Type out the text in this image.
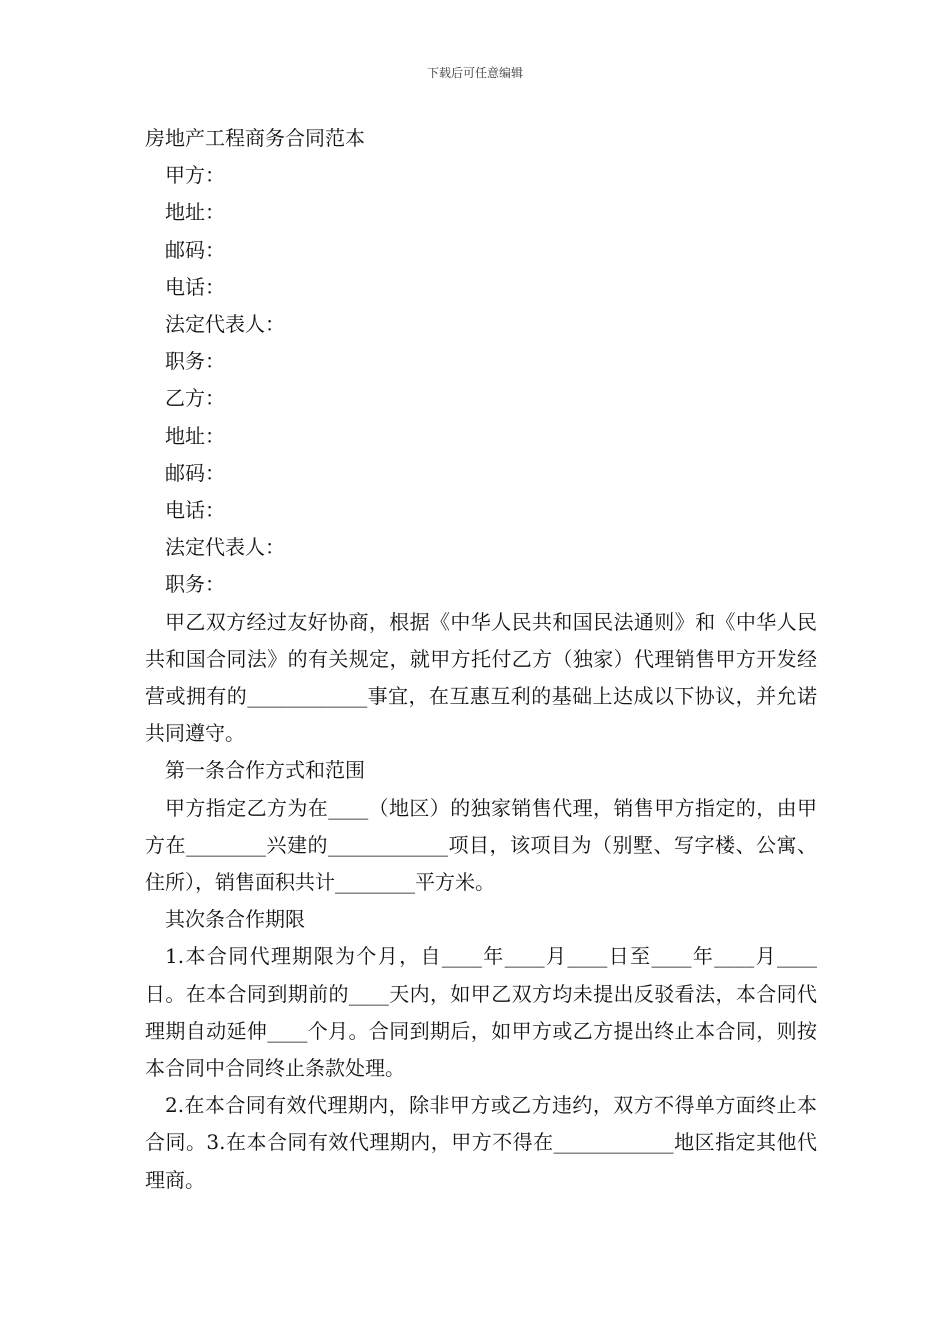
下载后可任意编辑

房地产工程商务合同范本

甲方：

地址：

邮码：

电话：

法定代表人：

职务：

乙方：

地址：

邮码：

电话：

法定代表人：

职务：

甲乙双方经过友好协商，根据《中华人民共和国民法通则》和《中华人民共和国合同法》的有关规定，就甲方托付乙方（独家）代理销售甲方开发经营或拥有的____________事宜，在互惠互利的基础上达成以下协议，并允诺共同遵守。

第一条合作方式和范围

甲方指定乙方为在____（地区）的独家销售代理，销售甲方指定的，由甲方在________兴建的____________项目，该项目为（别墅、写字楼、公寓、住所），销售面积共计________平方米。

其次条合作期限

1.本合同代理期限为个月，自____年____月____日至____年____月____日。在本合同到期前的____天内，如甲乙双方均未提出反驳看法，本合同代理期自动延伸____个月。合同到期后，如甲方或乙方提出终止本合同，则按本合同中合同终止条款处理。

2.在本合同有效代理期内，除非甲方或乙方违约，双方不得单方面终止本合同。3.在本合同有效代理期内，甲方不得在____________地区指定其他代理商。
